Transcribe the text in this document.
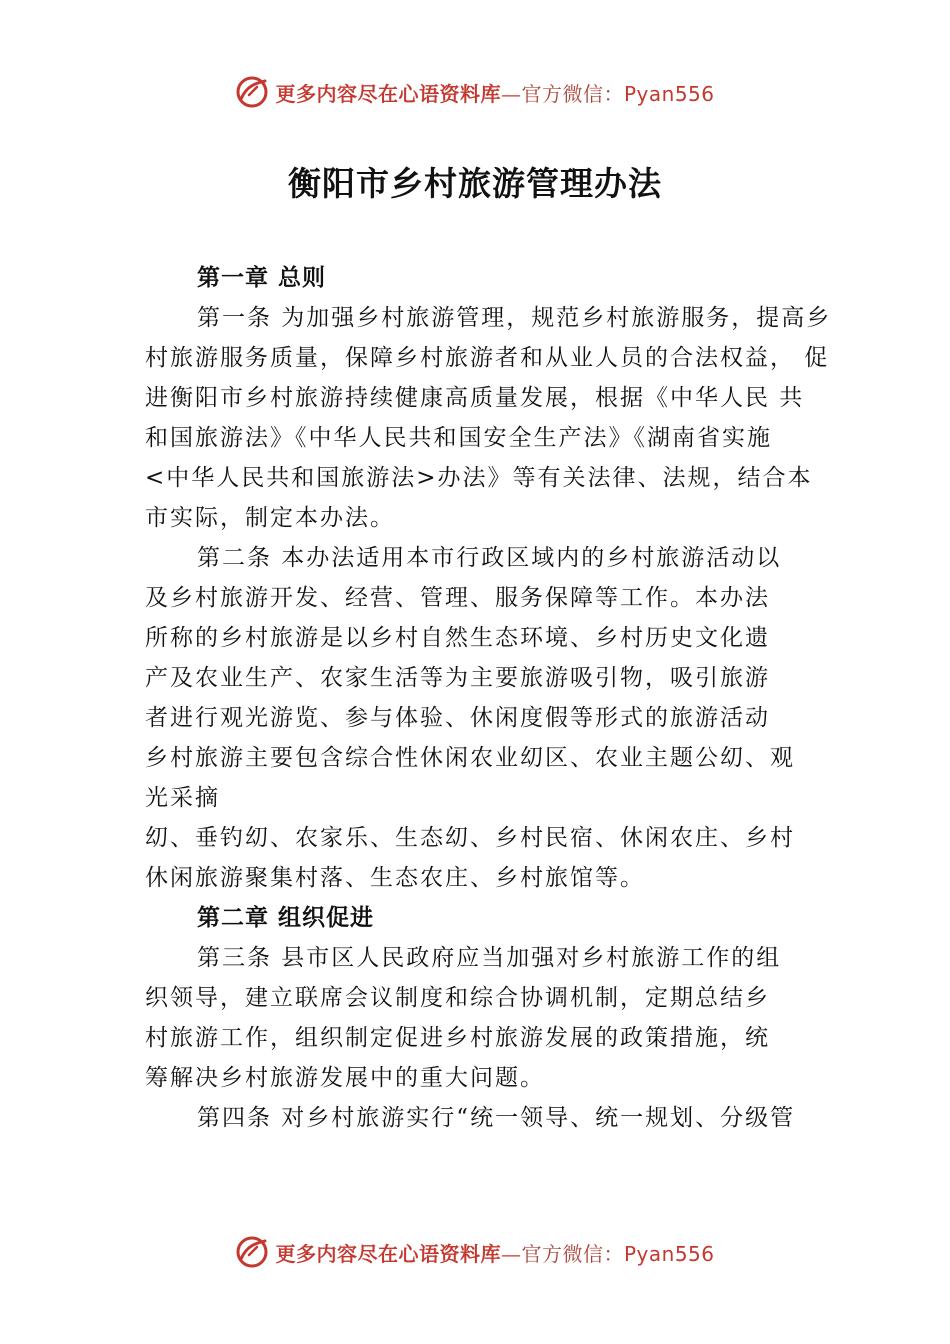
更多内容尽在心语资料库—官方微信：Pyan556
衡阳市乡村旅游管理办法

第一章 总则

第一条 为加强乡村旅游管理，规范乡村旅游服务，提高乡

村旅游服务质量，保障乡村旅游者和从业人员的合法权益， 促

进衡阳市乡村旅游持续健康高质量发展，根据《中华人民 共

和国旅游法》《中华人民共和国安全生产法》《湖南省实施

<中华人民共和国旅游法>办法》等有关法律、法规，结合本

市实际，制定本办法。

第二条 本办法适用本市行政区域内的乡村旅游活动以

及乡村旅游开发、经营、管理、服务保障等工作。本办法

所称的乡村旅游是以乡村自然生态环境、乡村历史文化遗

产及农业生产、农家生活等为主要旅游吸引物，吸引旅游

者进行观光游览、参与体验、休闲度假等形式的旅游活动

乡村旅游主要包含综合性休闲农业㓜区、农业主题公㓜、观

光采摘

㓜、垂钓㓜、农家乐、生态㓜、乡村民宿、休闲农庄、乡村

休闲旅游聚集村落、生态农庄、乡村旅馆等。

第二章 组织促进

第三条 县市区人民政府应当加强对乡村旅游工作的组

织领导，建立联席会议制度和综合协调机制，定期总结乡

村旅游工作，组织制定促进乡村旅游发展的政策措施，统

筹解决乡村旅游发展中的重大问题。

第四条 对乡村旅游实行“统一领导、统一规划、分级管

更多内容尽在心语资料库—官方微信：Pyan556
